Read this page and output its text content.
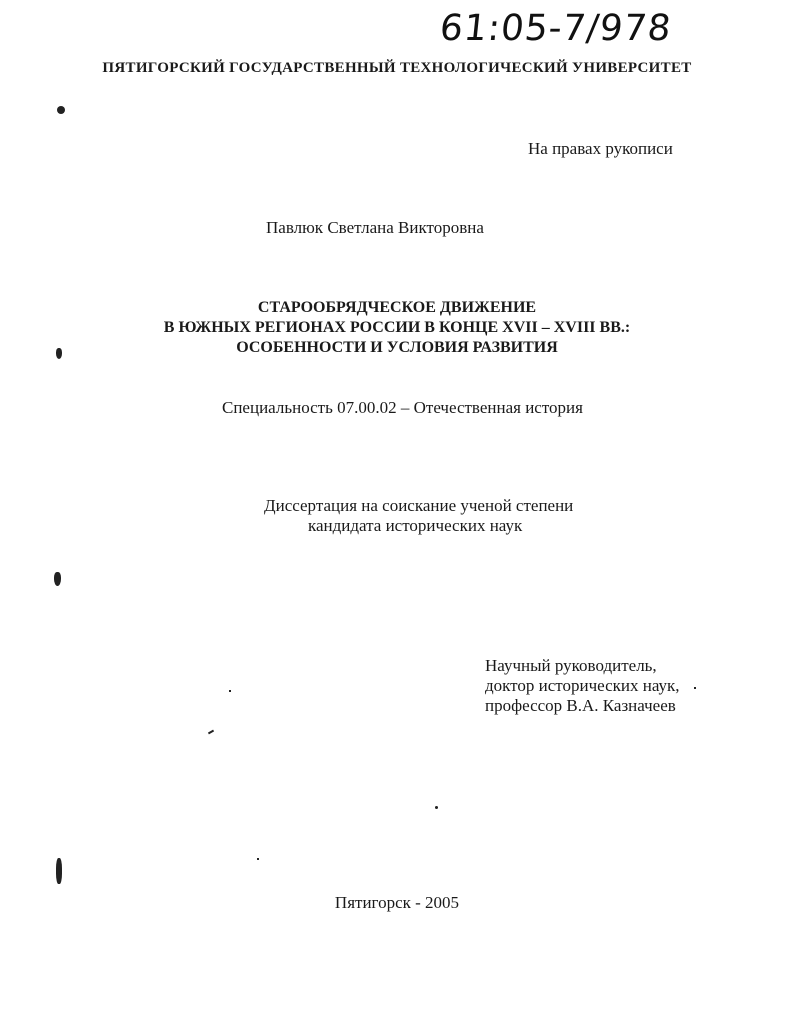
61:05-7/978
ПЯТИГОРСКИЙ ГОСУДАРСТВЕННЫЙ ТЕХНОЛОГИЧЕСКИЙ УНИВЕРСИТЕТ
На правах рукописи
Павлюк Светлана Викторовна
СТАРООБРЯДЧЕСКОЕ ДВИЖЕНИЕ
В ЮЖНЫХ РЕГИОНАХ РОССИИ В КОНЦЕ XVII – XVIII ВВ.:
ОСОБЕННОСТИ И УСЛОВИЯ РАЗВИТИЯ
Специальность 07.00.02 – Отечественная история
Диссертация на соискание ученой степени
кандидата исторических наук
Научный руководитель,
доктор исторических наук,
профессор В.А. Казначеев
Пятигорск - 2005
